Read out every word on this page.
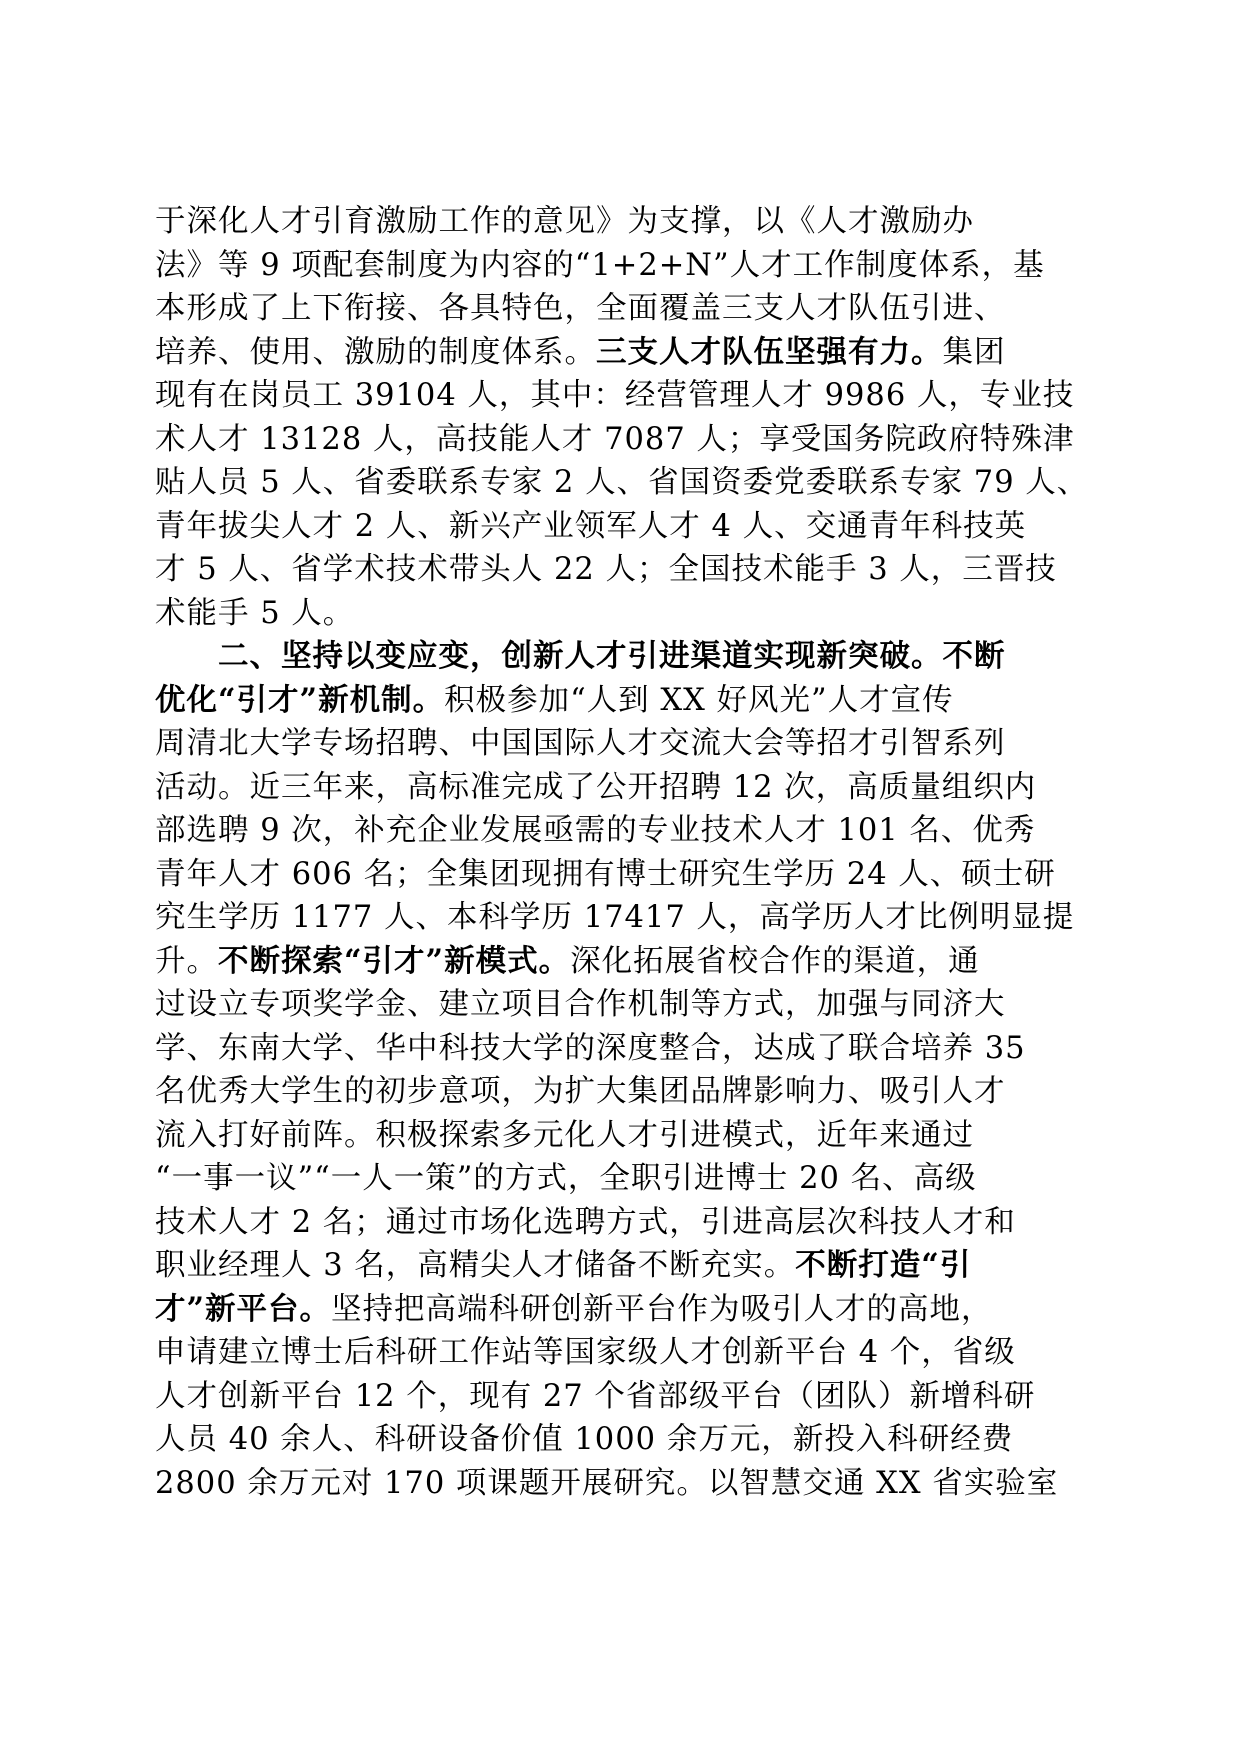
于深化人才引育激励工作的意见》为支撑，以《人才激励办
法》等 9 项配套制度为内容的“1+2+N”人才工作制度体系，基
本形成了上下衔接、各具特色，全面覆盖三支人才队伍引进、
培养、使用、激励的制度体系。三支人才队伍坚强有力。集团
现有在岗员工 39104 人，其中：经营管理人才 9986 人，专业技
术人才 13128 人，高技能人才 7087 人；享受国务院政府特殊津
贴人员 5 人、省委联系专家 2 人、省国资委党委联系专家 79 人、
青年拔尖人才 2 人、新兴产业领军人才 4 人、交通青年科技英
才 5 人、省学术技术带头人 22 人；全国技术能手 3 人，三晋技
术能手 5 人。
　　二、坚持以变应变，创新人才引进渠道实现新突破。不断
优化“引才”新机制。积极参加“人到 XX 好风光”人才宣传
周清北大学专场招聘、中国国际人才交流大会等招才引智系列
活动。近三年来，高标准完成了公开招聘 12 次，高质量组织内
部选聘 9 次，补充企业发展亟需的专业技术人才 101 名、优秀
青年人才 606 名；全集团现拥有博士研究生学历 24 人、硕士研
究生学历 1177 人、本科学历 17417 人，高学历人才比例明显提
升。不断探索“引才”新模式。深化拓展省校合作的渠道，通
过设立专项奖学金、建立项目合作机制等方式，加强与同济大
学、东南大学、华中科技大学的深度整合，达成了联合培养 35
名优秀大学生的初步意项，为扩大集团品牌影响力、吸引人才
流入打好前阵。积极探索多元化人才引进模式，近年来通过
“一事一议”“一人一策”的方式，全职引进博士 20 名、高级
技术人才 2 名；通过市场化选聘方式，引进高层次科技人才和
职业经理人 3 名，高精尖人才储备不断充实。不断打造“引
才”新平台。坚持把高端科研创新平台作为吸引人才的高地，
申请建立博士后科研工作站等国家级人才创新平台 4 个，省级
人才创新平台 12 个，现有 27 个省部级平台（团队）新增科研
人员 40 余人、科研设备价值 1000 余万元，新投入科研经费
2800 余万元对 170 项课题开展研究。以智慧交通 XX 省实验室
